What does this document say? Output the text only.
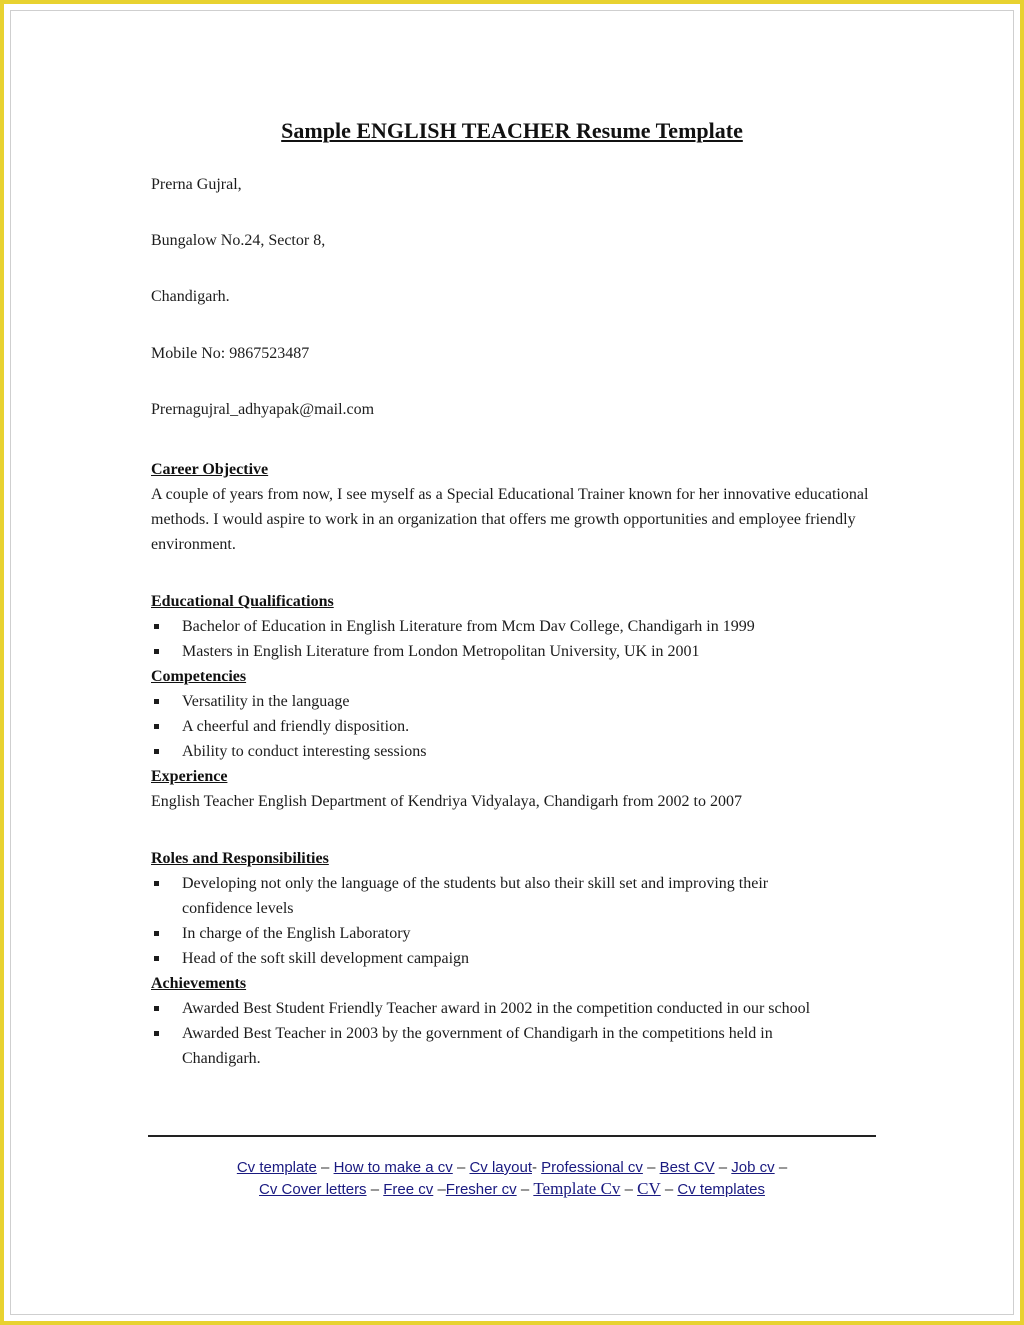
Sample ENGLISH TEACHER Resume Template

Prerna Gujral,

Bungalow No.24, Sector 8,

Chandigarh.

Mobile No: 9867523487

Prernagujral_adhyapak@mail.com

Career Objective

A couple of years from now, I see myself as a Special Educational Trainer known for her innovative educational methods. I would aspire to work in an organization that offers me growth opportunities and employee friendly environment.

Educational Qualifications
Bachelor of Education in English Literature from Mcm Dav College, Chandigarh in 1999
Masters in English Literature from London Metropolitan University, UK in 2001
Competencies
Versatility in the language
A cheerful and friendly disposition.
Ability to conduct interesting sessions
Experience

English Teacher English Department of Kendriya Vidyalaya, Chandigarh from 2002 to 2007

Roles and Responsibilities
Developing not only the language of the students but also their skill set and improving their confidence levels
In charge of the English Laboratory
Head of the soft skill development campaign
Achievements
Awarded Best Student Friendly Teacher award in 2002 in the competition conducted in our school
Awarded Best Teacher in 2003 by the government of Chandigarh in the competitions held in Chandigarh.
Cv template – How to make a cv – Cv layout- Professional cv – Best CV – Job cv –
Cv Cover letters – Free cv –Fresher cv – Template Cv – CV – Cv templates
